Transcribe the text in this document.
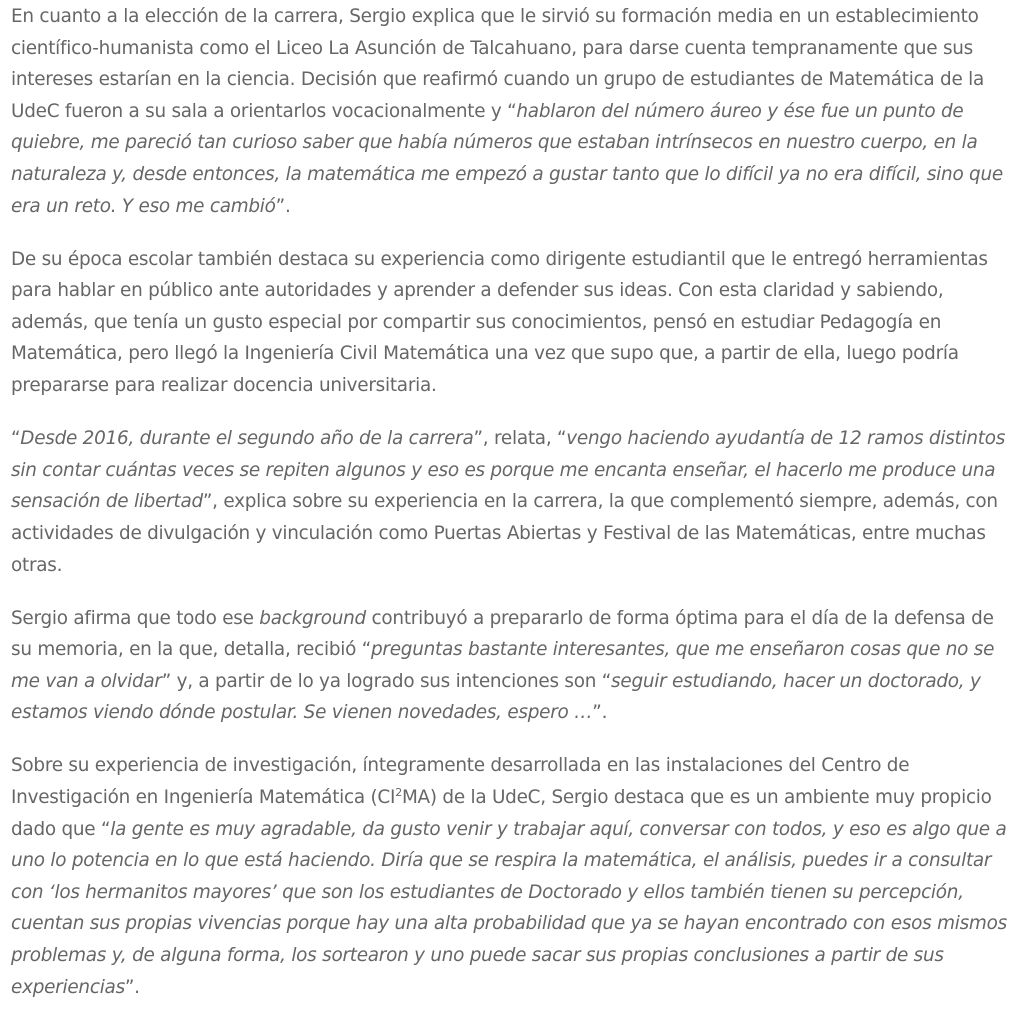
En cuanto a la elección de la carrera, Sergio explica que le sirvió su formación media en un establecimiento científico-humanista como el Liceo La Asunción de Talcahuano, para darse cuenta tempranamente que sus intereses estarían en la ciencia. Decisión que reafirmó cuando un grupo de estudiantes de Matemática de la UdeC fueron a su sala a orientarlos vocacionalmente y “hablaron del número áureo y ése fue un punto de quiebre, me pareció tan curioso saber que había números que estaban intrínsecos en nuestro cuerpo, en la naturaleza y, desde entonces, la matemática me empezó a gustar tanto que lo difícil ya no era difícil, sino que era un reto. Y eso me cambió”.

De su época escolar también destaca su experiencia como dirigente estudiantil que le entregó herramientas para hablar en público ante autoridades y aprender a defender sus ideas. Con esta claridad y sabiendo, además, que tenía un gusto especial por compartir sus conocimientos, pensó en estudiar Pedagogía en Matemática, pero llegó la Ingeniería Civil Matemática una vez que supo que, a partir de ella, luego podría prepararse para realizar docencia universitaria.

“Desde 2016, durante el segundo año de la carrera”, relata, “vengo haciendo ayudantía de 12 ramos distintos sin contar cuántas veces se repiten algunos y eso es porque me encanta enseñar, el hacerlo me produce una sensación de libertad”, explica sobre su experiencia en la carrera, la que complementó siempre, además, con actividades de divulgación y vinculación como Puertas Abiertas y Festival de las Matemáticas, entre muchas otras.

Sergio afirma que todo ese background contribuyó a prepararlo de forma óptima para el día de la defensa de su memoria, en la que, detalla, recibió “preguntas bastante interesantes, que me enseñaron cosas que no se me van a olvidar” y, a partir de lo ya logrado sus intenciones son “seguir estudiando, hacer un doctorado, y estamos viendo dónde postular. Se vienen novedades, espero …”.

Sobre su experiencia de investigación, íntegramente desarrollada en las instalaciones del Centro de Investigación en Ingeniería Matemática $(CI^2MA)$ de la UdeC, Sergio destaca que es un ambiente muy propicio dado que “la gente es muy agradable, da gusto venir y trabajar aquí, conversar con todos, y eso es algo que a uno lo potencia en lo que está haciendo. Diría que se respira la matemática, el análisis, puedes ir a consultar con ‘los hermanitos mayores’ que son los estudiantes de Doctorado y ellos también tienen su percepción, cuentan sus propias vivencias porque hay una alta probabilidad que ya se hayan encontrado con esos mismos problemas y, de alguna forma, los sortearon y uno puede sacar sus propias conclusiones a partir de sus experiencias”.
